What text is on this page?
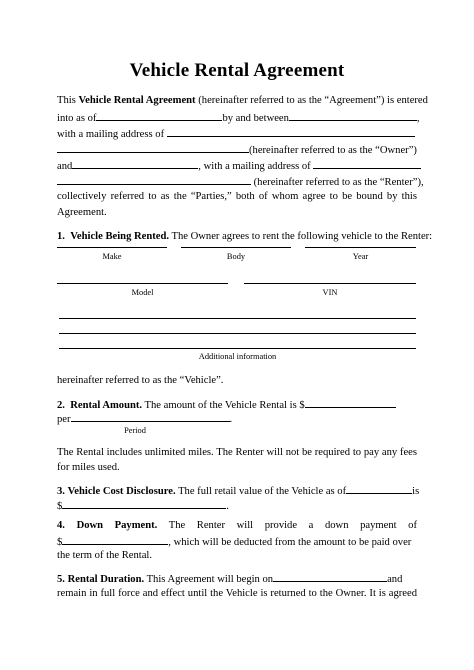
Vehicle Rental Agreement
This Vehicle Rental Agreement (hereinafter referred to as the “Agreement”) is entered
into as of	by and between	,
with a mailing address of
(hereinafter referred to as the “Owner”)
and	, with a mailing address of
(hereinafter referred to as the “Renter”),
collectively referred to as the “Parties,” both of whom agree to be bound by this
Agreement.
1. Vehicle Being Rented. The Owner agrees to rent the following vehicle to the Renter:
Make	Body	Year
Model	VIN
Additional information
hereinafter referred to as the “Vehicle”.
2. Rental Amount. The amount of the Vehicle Rental is $
per	.
Period
The Rental includes unlimited miles. The Renter will not be required to pay any fees
for miles used.
3. Vehicle Cost Disclosure. The full retail value of the Vehicle as of	is
$	.
4. Down Payment. The Renter will provide a down payment of
$	, which will be deducted from the amount to be paid over
the term of the Rental.
5. Rental Duration. This Agreement will begin on	and
remain in full force and effect until the Vehicle is returned to the Owner. It is agreed
